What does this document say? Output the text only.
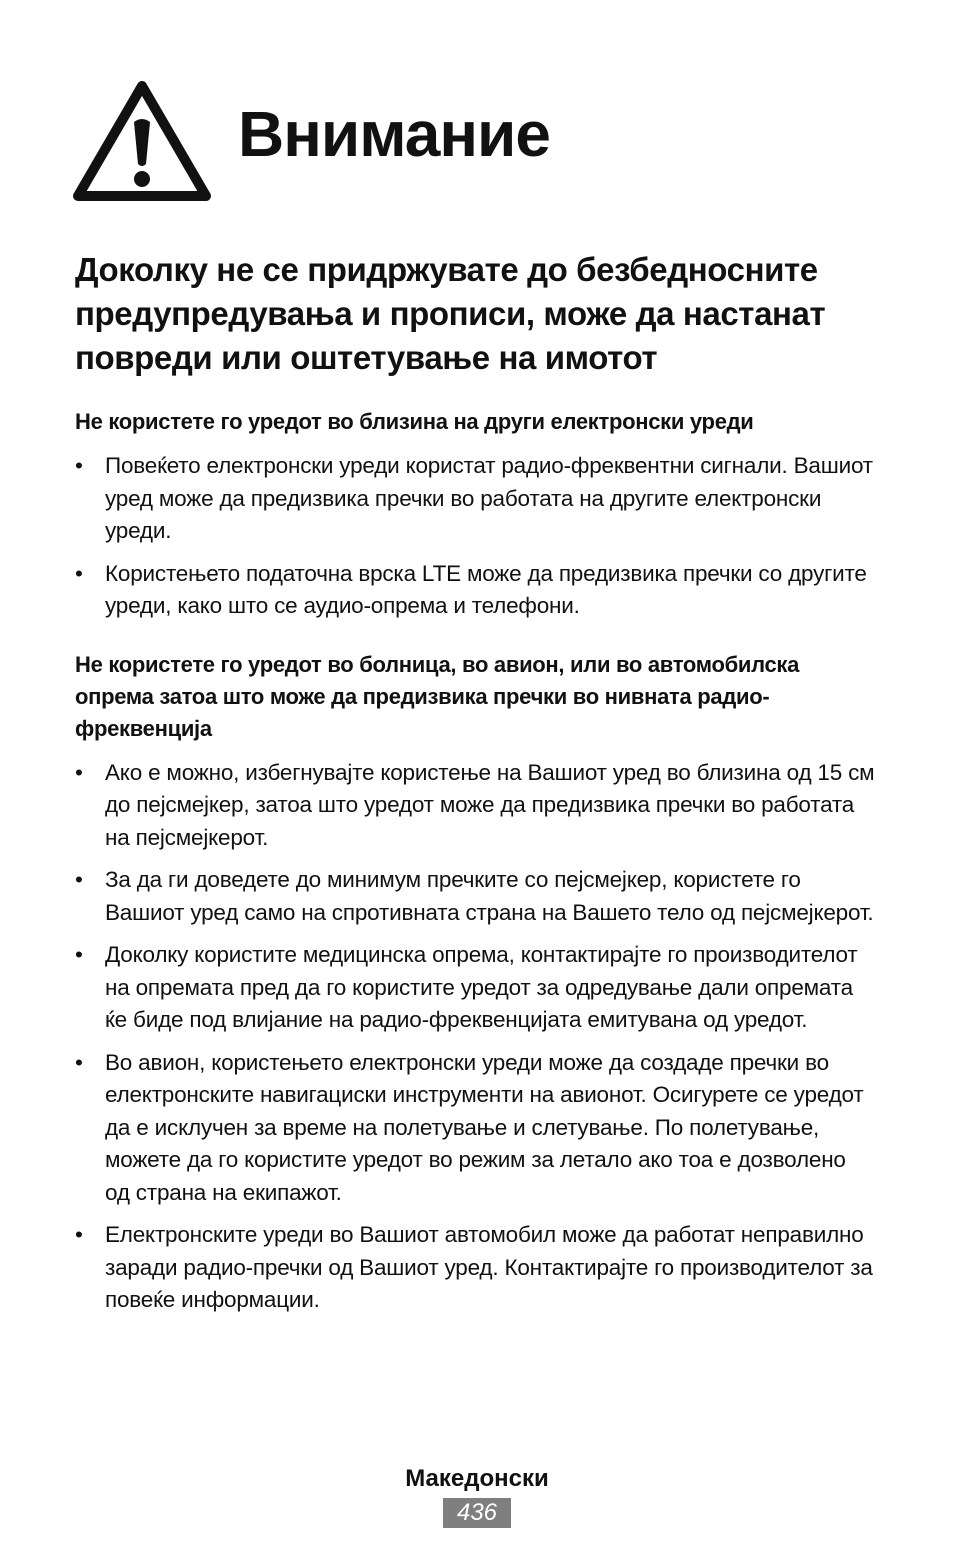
Внимание
Доколку не се придржувате до безбедносните предупредувања и прописи, може да настанат повреди или оштетување на имотот
Не користете го уредот во близина на други електронски уреди
• Повеќето електронски уреди користат радио-фреквентни сигнали. Вашиот уред може да предизвика пречки во работата на другите електронски уреди.
• Користењето податочна врска LTE може да предизвика пречки со другите уреди, како што се аудио-опрема и телефони.
Не користете го уредот во болница, во авион, или во автомобилска опрема затоа што може да предизвика пречки во нивната радио-фреквенција
• Ако е можно, избегнувајте користење на Вашиот уред во близина од 15 см до пејсмејкер, затоа што уредот може да предизвика пречки во работата на пејсмејкерот.
• За да ги доведете до минимум пречките со пејсмејкер, користете го Вашиот уред само на спротивната страна на Вашето тело од пејсмејкерот.
• Доколку користите медицинска опрема, контактирајте го производителот на опремата пред да го користите уредот за одредување дали опремата ќе биде под влијание на радио-фреквенцијата емитувана од уредот.
• Во авион, користењето електронски уреди може да создаде пречки во електронските навигациски инструменти на авионот. Осигурете се уредот да е исклучен за време на полетување и слетување. По полетување, можете да го користите уредот во режим за летало ако тоа е дозволено од страна на екипажот.
• Електронските уреди во Вашиот автомобил може да работат неправилно заради радио-пречки од Вашиот уред. Контактирајте го производителот за повеќе информации.
Македонски
436
